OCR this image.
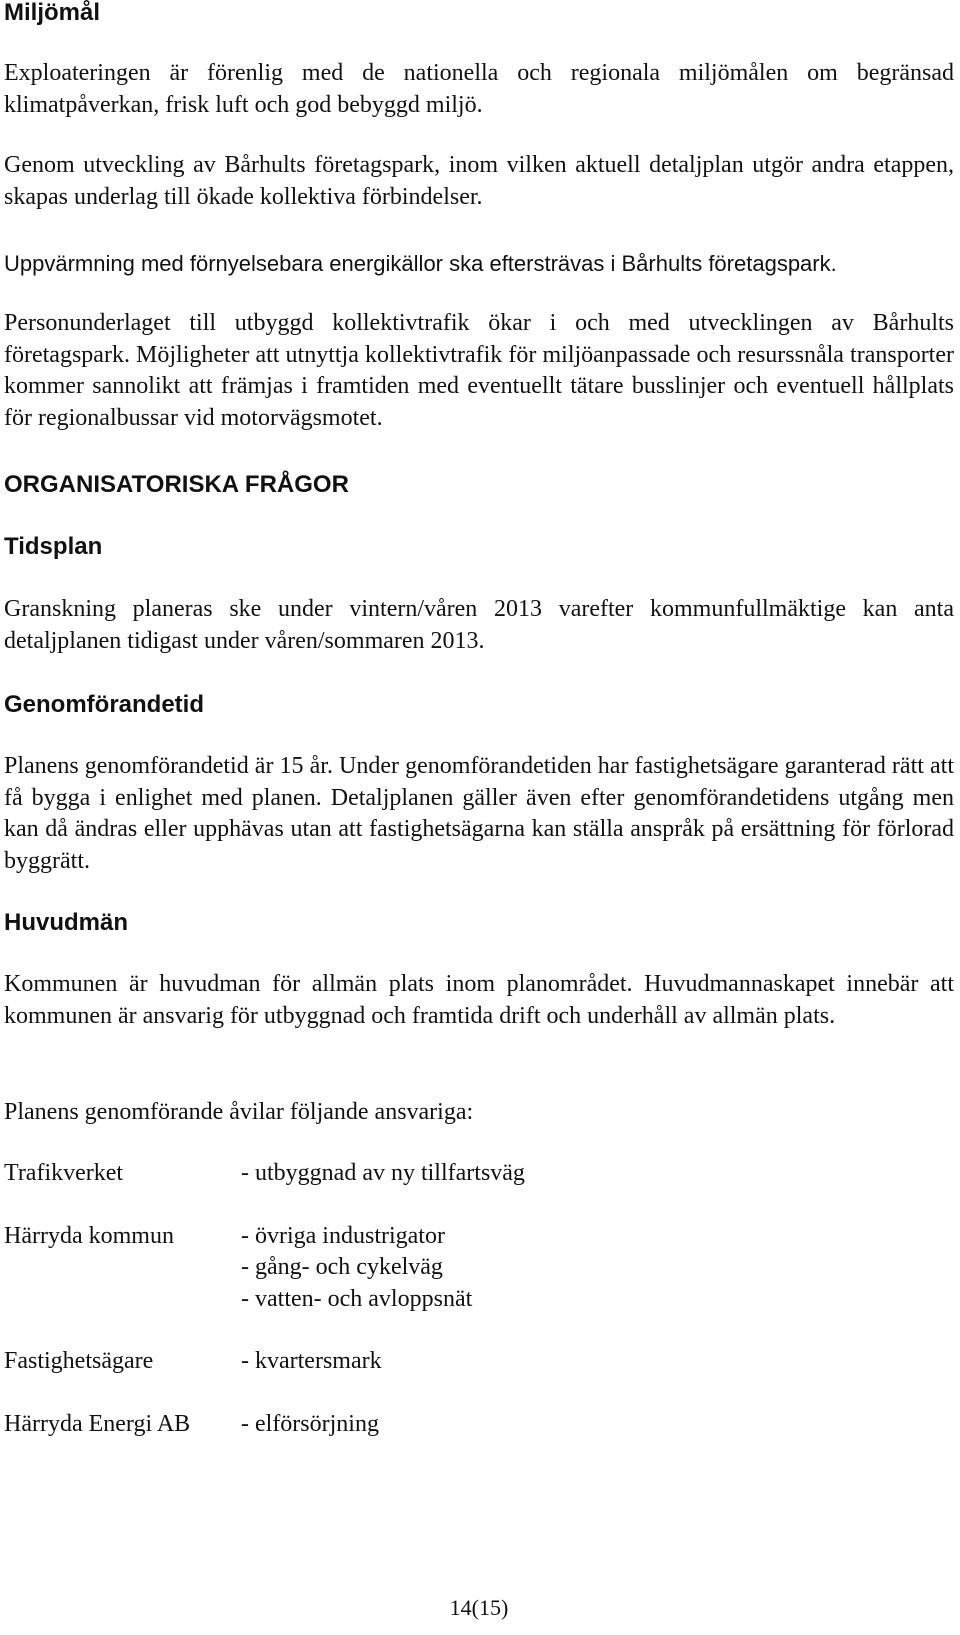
Miljömål

Exploateringen är förenlig med de nationella och regionala miljömålen om begränsad klimatpåverkan, frisk luft och god bebyggd miljö.

Genom utveckling av Bårhults företagspark, inom vilken aktuell detaljplan utgör andra etappen, skapas underlag till ökade kollektiva förbindelser.

Uppvärmning med förnyelsebara energikällor ska eftersträvas i Bårhults företagspark.

Personunderlaget till utbyggd kollektivtrafik ökar i och med utvecklingen av Bårhults företagspark. Möjligheter att utnyttja kollektivtrafik för miljöanpassade och resurssnåla transporter kommer sannolikt att främjas i framtiden med eventuellt tätare busslinjer och eventuell hållplats för regionalbussar vid motorvägsmotet.

ORGANISATORISKA FRÅGOR
Tidsplan

Granskning planeras ske under vintern/våren 2013 varefter kommunfullmäktige kan anta detaljplanen tidigast under våren/sommaren 2013.

Genomförandetid

Planens genomförandetid är 15 år. Under genomförandetiden har fastighetsägare garanterad rätt att få bygga i enlighet med planen. Detaljplanen gäller även efter genomförandetidens utgång men kan då ändras eller upphävas utan att fastighetsägarna kan ställa anspråk på ersättning för förlorad byggrätt.

Huvudmän

Kommunen är huvudman för allmän plats inom planområdet. Huvudmannaskapet innebär att kommunen är ansvarig för utbyggnad och framtida drift och underhåll av allmän plats.

Planens genomförande åvilar följande ansvariga:

Trafikverket	- utbyggnad av ny tillfartsväg
Härryda kommun	- övriga industrigator
- gång- och cykelväg
- vatten- och avloppsnät
Fastighetsägare	- kvartersmark
Härryda Energi AB	- elförsörjning
14(15)
